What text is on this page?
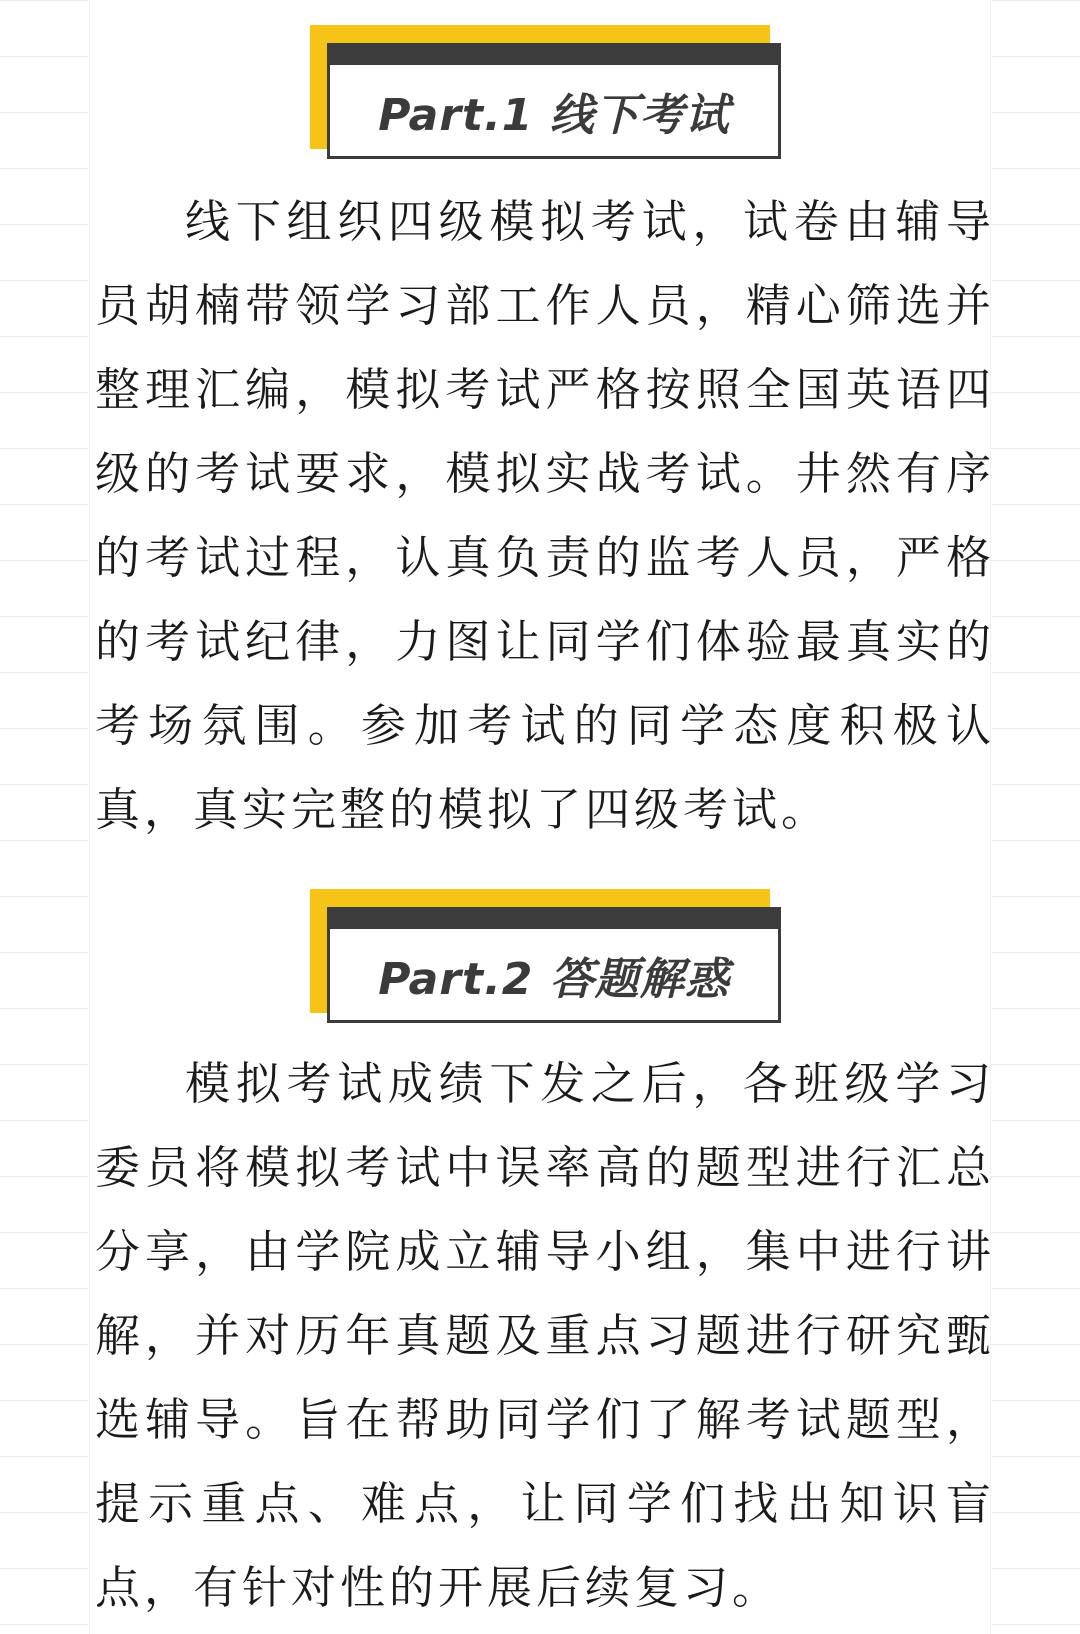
Part.1 线下考试

线下组织四级模拟考试，试卷由辅导员胡楠带领学习部工作人员，精心筛选并整理汇编，模拟考试严格按照全国英语四级的考试要求，模拟实战考试。井然有序的考试过程，认真负责的监考人员，严格的考试纪律，力图让同学们体验最真实的考场氛围。参加考试的同学态度积极认真，真实完整的模拟了四级考试。

Part.2 答题解惑

模拟考试成绩下发之后，各班级学习委员将模拟考试中误率高的题型进行汇总分享，由学院成立辅导小组，集中进行讲解，并对历年真题及重点习题进行研究甄选辅导。旨在帮助同学们了解考试题型，提示重点、难点，让同学们找出知识盲点，有针对性的开展后续复习。
